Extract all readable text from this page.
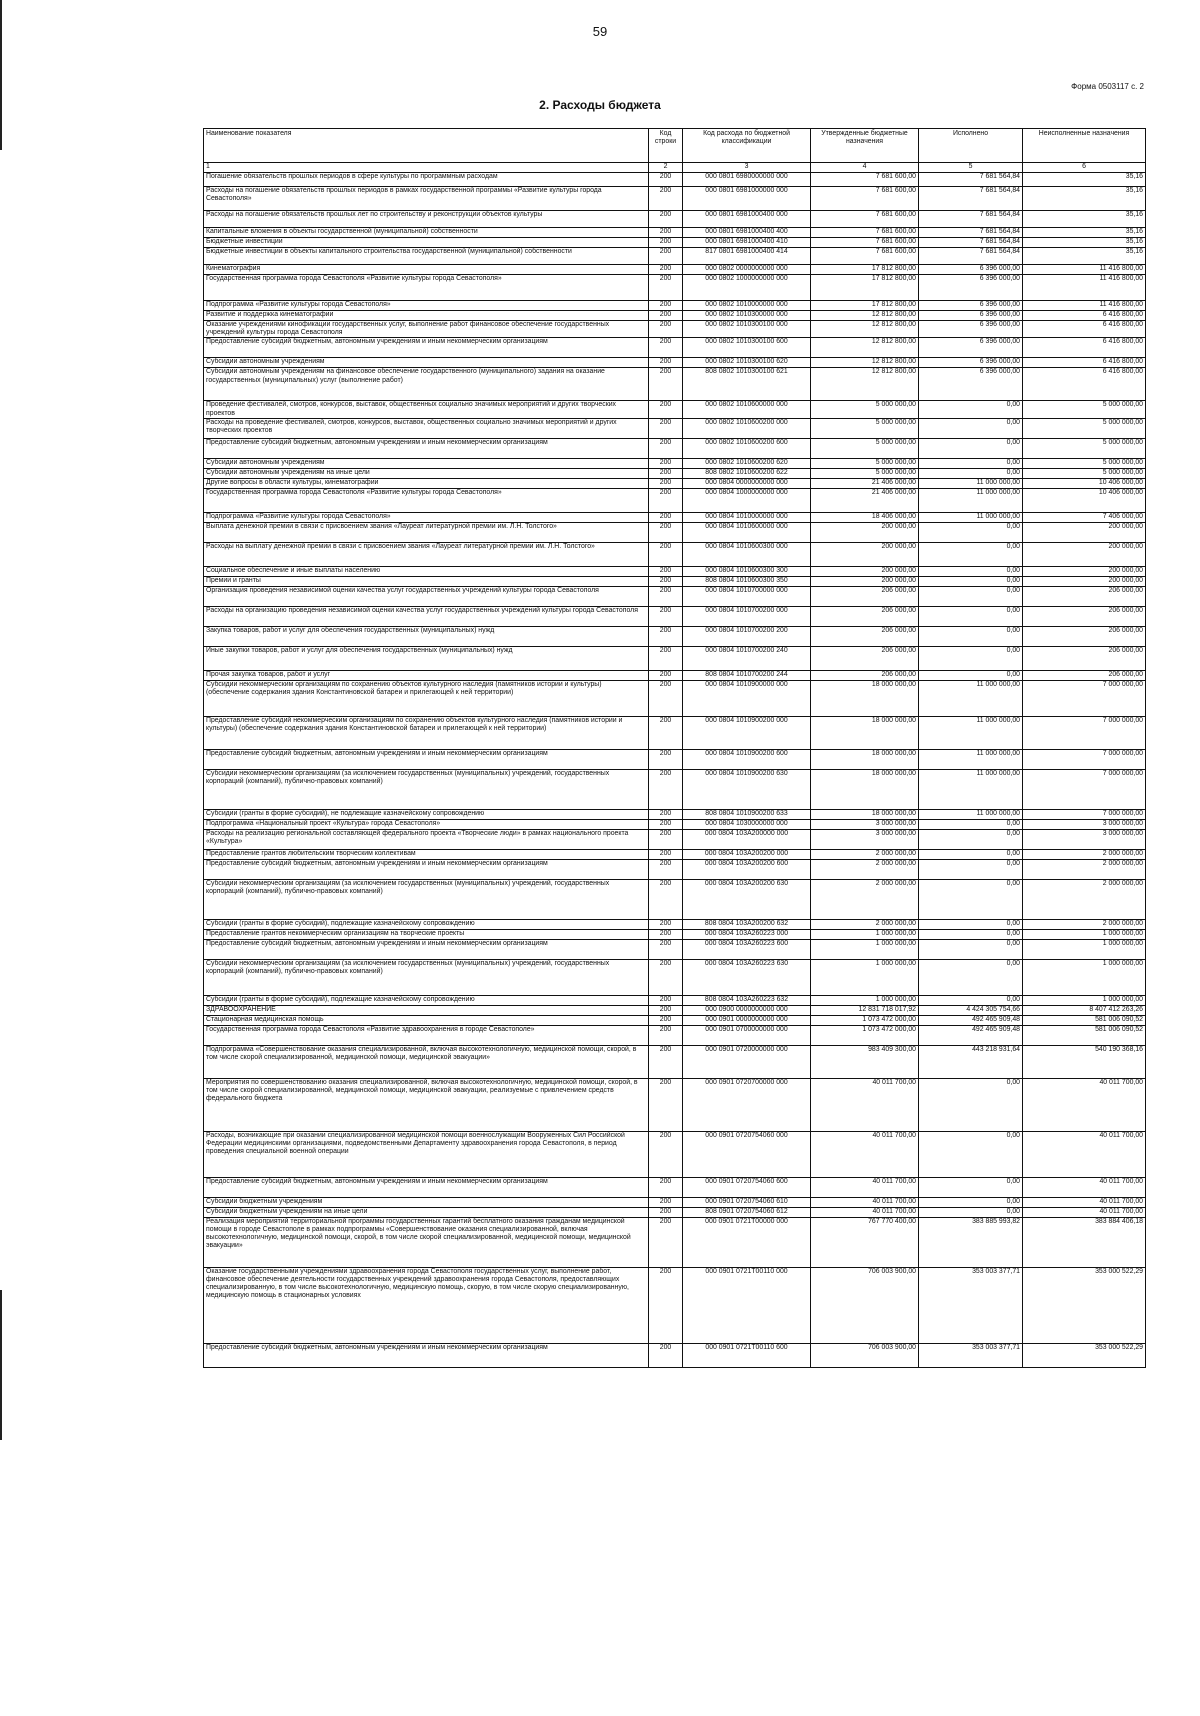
59
Форма 0503117 с. 2
2. Расходы бюджета
Наименование показателя	Код строки	Код расхода по бюджетной классификации	Утвержденные бюджетные назначения	Исполнено	Неисполненные назначения
1	2	3	4	5	6
Погашение обязательств прошлых периодов в сфере культуры по программным расходам	200	000 0801 6980000000 000	7 681 600,00	7 681 564,84	35,16
Расходы на погашение обязательств прошлых периодов в рамках государственной программы «Развитие культуры города Севастополя»	200	000 0801 6981000000 000	7 681 600,00	7 681 564,84	35,16
Расходы на погашение обязательств прошлых лет по строительству и реконструкции объектов культуры	200	000 0801 6981000400 000	7 681 600,00	7 681 564,84	35,16
Капитальные вложения в объекты государственной (муниципальной) собственности	200	000 0801 6981000400 400	7 681 600,00	7 681 564,84	35,16
Бюджетные инвестиции	200	000 0801 6981000400 410	7 681 600,00	7 681 564,84	35,16
Бюджетные инвестиции в объекты капитального строительства государственной (муниципальной) собственности	200	817 0801 6981000400 414	7 681 600,00	7 681 564,84	35,16
Кинематография	200	000 0802 0000000000 000	17 812 800,00	6 396 000,00	11 416 800,00
Государственная программа города Севастополя «Развитие культуры города Севастополя»	200	000 0802 1000000000 000	17 812 800,00	6 396 000,00	11 416 800,00
Подпрограмма «Развитие культуры города Севастополя»	200	000 0802 1010000000 000	17 812 800,00	6 396 000,00	11 416 800,00
Развитие и поддержка кинематографии	200	000 0802 1010300000 000	12 812 800,00	6 396 000,00	6 416 800,00
Оказание учреждениями кинофикации государственных услуг, выполнение работ финансовое обеспечение государственных учреждений культуры города Севастополя	200	000 0802 1010300100 000	12 812 800,00	6 396 000,00	6 416 800,00
Предоставление субсидий бюджетным, автономным учреждениям и иным некоммерческим организациям	200	000 0802 1010300100 600	12 812 800,00	6 396 000,00	6 416 800,00
Субсидии автономным учреждениям	200	000 0802 1010300100 620	12 812 800,00	6 396 000,00	6 416 800,00
Субсидии автономным учреждениям на финансовое обеспечение государственного (муниципального) задания на оказание государственных (муниципальных) услуг (выполнение работ)	200	808 0802 1010300100 621	12 812 800,00	6 396 000,00	6 416 800,00
Проведение фестивалей, смотров, конкурсов, выставок, общественных социально значимых мероприятий и других творческих проектов	200	000 0802 1010600000 000	5 000 000,00	0,00	5 000 000,00
Расходы на проведение фестивалей, смотров, конкурсов, выставок, общественных социально значимых мероприятий и других творческих проектов	200	000 0802 1010600200 000	5 000 000,00	0,00	5 000 000,00
Предоставление субсидий бюджетным, автономным учреждениям и иным некоммерческим организациям	200	000 0802 1010600200 600	5 000 000,00	0,00	5 000 000,00
Субсидии автономным учреждениям	200	000 0802 1010600200 620	5 000 000,00	0,00	5 000 000,00
Субсидии автономным учреждениям на иные цели	200	808 0802 1010600200 622	5 000 000,00	0,00	5 000 000,00
Другие вопросы в области культуры, кинематографии	200	000 0804 0000000000 000	21 406 000,00	11 000 000,00	10 406 000,00
Государственная программа города Севастополя «Развитие культуры города Севастополя»	200	000 0804 1000000000 000	21 406 000,00	11 000 000,00	10 406 000,00
Подпрограмма «Развитие культуры города Севастополя»	200	000 0804 1010000000 000	18 406 000,00	11 000 000,00	7 406 000,00
Выплата денежной премии в связи с присвоением звания «Лауреат литературной премии им. Л.Н. Толстого»	200	000 0804 1010600000 000	200 000,00	0,00	200 000,00
Расходы на выплату денежной премии в связи с присвоением звания «Лауреат литературной премии им. Л.Н. Толстого»	200	000 0804 1010600300 000	200 000,00	0,00	200 000,00
Социальное обеспечение и иные выплаты населению	200	000 0804 1010600300 300	200 000,00	0,00	200 000,00
Премии и гранты	200	808 0804 1010600300 350	200 000,00	0,00	200 000,00
Организация проведения независимой оценки качества услуг государственных учреждений культуры города Севастополя	200	000 0804 1010700000 000	206 000,00	0,00	206 000,00
Расходы на организацию проведения независимой оценки качества услуг государственных учреждений культуры города Севастополя	200	000 0804 1010700200 000	206 000,00	0,00	206 000,00
Закупка товаров, работ и услуг для обеспечения государственных (муниципальных) нужд	200	000 0804 1010700200 200	206 000,00	0,00	206 000,00
Иные закупки товаров, работ и услуг для обеспечения государственных (муниципальных) нужд	200	000 0804 1010700200 240	206 000,00	0,00	206 000,00
Прочая закупка товаров, работ и услуг	200	808 0804 1010700200 244	206 000,00	0,00	206 000,00
Субсидии некоммерческим организациям по сохранению объектов культурного наследия (памятников истории и культуры) (обеспечение содержания здания Константиновской батареи и прилегающей к ней территории)	200	000 0804 1010900000 000	18 000 000,00	11 000 000,00	7 000 000,00
Предоставление субсидий некоммерческим организациям по сохранению объектов культурного наследия (памятников истории и культуры) (обеспечение содержания здания Константиновской батареи и прилегающей к ней территории)	200	000 0804 1010900200 000	18 000 000,00	11 000 000,00	7 000 000,00
Предоставление субсидий бюджетным, автономным учреждениям и иным некоммерческим организациям	200	000 0804 1010900200 600	18 000 000,00	11 000 000,00	7 000 000,00
Субсидии некоммерческим организациям (за исключением государственных (муниципальных) учреждений, государственных корпораций (компаний), публично-правовых компаний)	200	000 0804 1010900200 630	18 000 000,00	11 000 000,00	7 000 000,00
Субсидии (гранты в форме субсидий), не подлежащие казначейскому сопровождению	200	808 0804 1010900200 633	18 000 000,00	11 000 000,00	7 000 000,00
Подпрограмма «Национальный проект «Культура» города Севастополя»	200	000 0804 1030000000 000	3 000 000,00	0,00	3 000 000,00
Расходы на реализацию региональной составляющей федерального проекта «Творческие люди» в рамках национального проекта «Культура»	200	000 0804 103A200000 000	3 000 000,00	0,00	3 000 000,00
Предоставление грантов любительским творческим коллективам	200	000 0804 103A200200 000	2 000 000,00	0,00	2 000 000,00
Предоставление субсидий бюджетным, автономным учреждениям и иным некоммерческим организациям	200	000 0804 103A200200 600	2 000 000,00	0,00	2 000 000,00
Субсидии некоммерческим организациям (за исключением государственных (муниципальных) учреждений, государственных корпораций (компаний), публично-правовых компаний)	200	000 0804 103A200200 630	2 000 000,00	0,00	2 000 000,00
Субсидии (гранты в форме субсидий), подлежащие казначейскому сопровождению	200	808 0804 103A200200 632	2 000 000,00	0,00	2 000 000,00
Предоставление грантов некоммерческим организациям на творческие проекты	200	000 0804 103A260223 000	1 000 000,00	0,00	1 000 000,00
Предоставление субсидий бюджетным, автономным учреждениям и иным некоммерческим организациям	200	000 0804 103A260223 600	1 000 000,00	0,00	1 000 000,00
Субсидии некоммерческим организациям (за исключением государственных (муниципальных) учреждений, государственных корпораций (компаний), публично-правовых компаний)	200	000 0804 103A260223 630	1 000 000,00	0,00	1 000 000,00
Субсидии (гранты в форме субсидий), подлежащие казначейскому сопровождению	200	808 0804 103A260223 632	1 000 000,00	0,00	1 000 000,00
ЗДРАВООХРАНЕНИЕ	200	000 0900 0000000000 000	12 831 718 017,92	4 424 305 754,66	8 407 412 263,26
Стационарная медицинская помощь	200	000 0901 0000000000 000	1 073 472 000,00	492 465 909,48	581 006 090,52
Государственная программа города Севастополя «Развитие здравоохранения в городе Севастополе»	200	000 0901 0700000000 000	1 073 472 000,00	492 465 909,48	581 006 090,52
Подпрограмма «Совершенствование оказания специализированной, включая высокотехнологичную, медицинской помощи, скорой, в том числе скорой специализированной, медицинской помощи, медицинской эвакуации»	200	000 0901 0720000000 000	983 409 300,00	443 218 931,64	540 190 368,16
Мероприятия по совершенствованию оказания специализированной, включая высокотехнологичную, медицинской помощи, скорой, в том числе скорой специализированной, медицинской помощи, медицинской эвакуации, реализуемые с привлечением средств федерального бюджета	200	000 0901 0720700000 000	40 011 700,00	0,00	40 011 700,00
Расходы, возникающие при оказании специализированной медицинской помощи военнослужащим Вооруженных Сил Российской Федерации медицинскими организациями, подведомственными Департаменту здравоохранения города Севастополя, в период проведения специальной военной операции	200	000 0901 0720754060 000	40 011 700,00	0,00	40 011 700,00
Предоставление субсидий бюджетным, автономным учреждениям и иным некоммерческим организациям	200	000 0901 0720754060 600	40 011 700,00	0,00	40 011 700,00
Субсидии бюджетным учреждениям	200	000 0901 0720754060 610	40 011 700,00	0,00	40 011 700,00
Субсидии бюджетным учреждениям на иные цели	200	808 0901 0720754060 612	40 011 700,00	0,00	40 011 700,00
Реализация мероприятий территориальной программы государственных гарантий бесплатного оказания гражданам медицинской помощи в городе Севастополе в рамках подпрограммы «Совершенствование оказания специализированной, включая высокотехнологичную, медицинской помощи, скорой, в том числе скорой специализированной, медицинской помощи, медицинской эвакуации»	200	000 0901 0721T00000 000	767 770 400,00	383 885 993,82	383 884 406,18
Оказание государственными учреждениями здравоохранения города Севастополя государственных услуг, выполнение работ, финансовое обеспечение деятельности государственных учреждений здравоохранения города Севастополя, предоставляющих специализированную, в том числе высокотехнологичную, медицинскую помощь, скорую, в том числе скорую специализированную, медицинскую помощь в стационарных условиях	200	000 0901 0721T00110 000	706 003 900,00	353 003 377,71	353 000 522,29
Предоставление субсидий бюджетным, автономным учреждениям и иным некоммерческим организациям	200	000 0901 0721T00110 600	706 003 900,00	353 003 377,71	353 000 522,29
